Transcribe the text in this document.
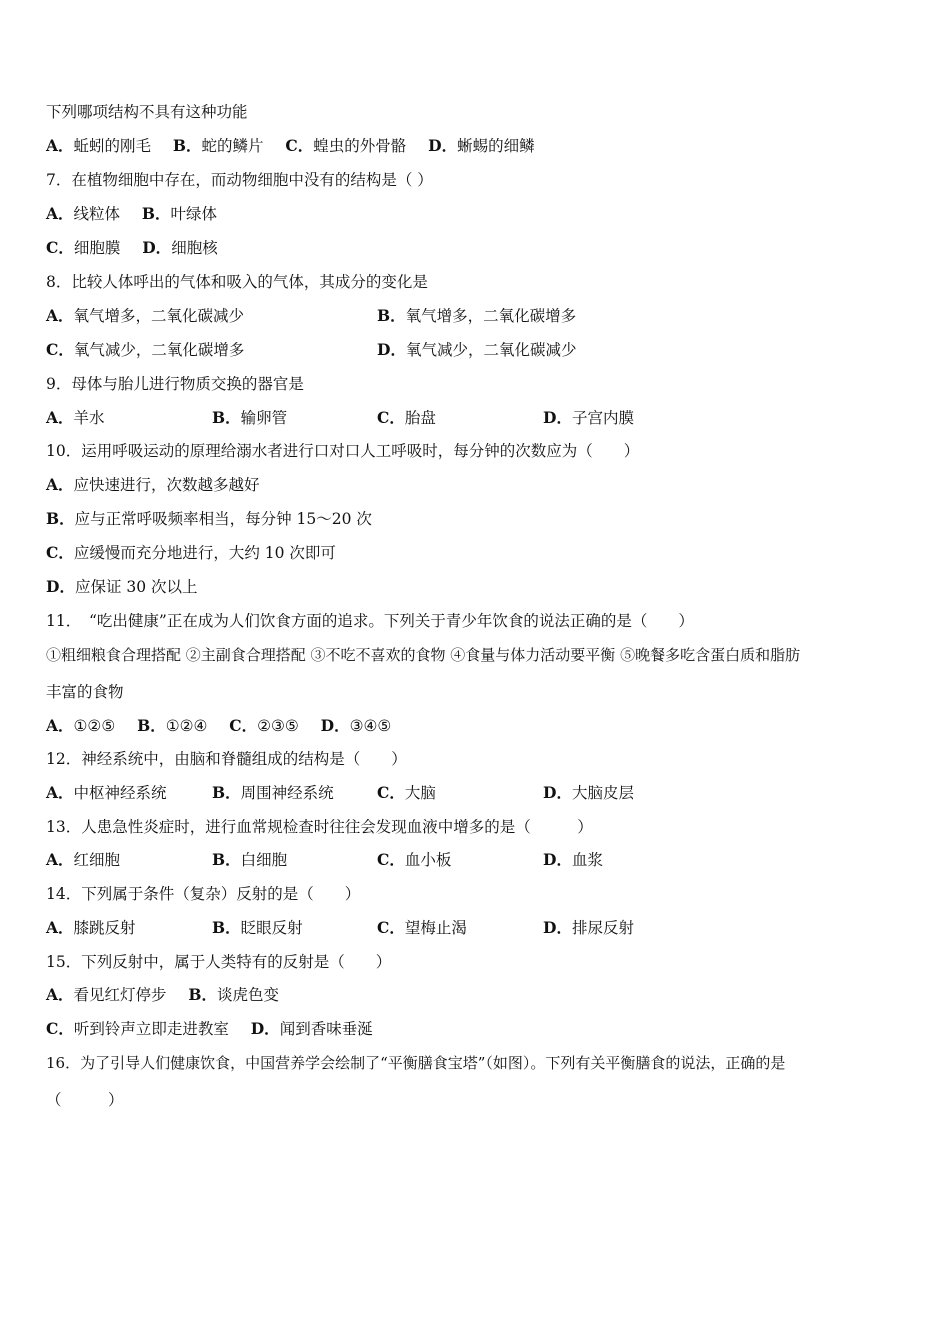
下列哪项结构不具有这种功能
A．蚯蚓的刚毛 B．蛇的鳞片 C．蝗虫的外骨骼 D．蜥蜴的细鳞
7．在植物细胞中存在，而动物细胞中没有的结构是（ ）
A．线粒体 B．叶绿体
C．细胞膜 D．细胞核
8．比较人体呼出的气体和吸入的气体，其成分的变化是
A．氧气增多，二氧化碳减少	B．氧气增多，二氧化碳增多
C．氧气减少，二氧化碳增多	D．氧气减少，二氧化碳减少
9．母体与胎儿进行物质交换的器官是
A．羊水	B．输卵管	C．胎盘	D．子宫内膜
10．运用呼吸运动的原理给溺水者进行口对口人工呼吸时，每分钟的次数应为（　　）
A．应快速进行，次数越多越好
B．应与正常呼吸频率相当，每分钟 15～20 次
C．应缓慢而充分地进行，大约 10 次即可
D．应保证 30 次以上
11．　“吃出健康”正在成为人们饮食方面的追求。下列关于青少年饮食的说法正确的是（　　）
①粗细粮食合理搭配 ②主副食合理搭配 ③不吃不喜欢的食物 ④食量与体力活动要平衡 ⑤晚餐多吃含蛋白质和脂肪
丰富的食物
A．①②⑤ B．①②④ C．②③⑤ D．③④⑤
12．神经系统中，由脑和脊髓组成的结构是（　　）
A．中枢神经系统	B．周围神经系统	C．大脑	D．大脑皮层
13．人患急性炎症时，进行血常规检查时往往会发现血液中增多的是（　　　）
A．红细胞	B．白细胞	C．血小板	D．血浆
14．下列属于条件（复杂）反射的是（　　）
A．膝跳反射	B．眨眼反射	C．望梅止渴	D．排尿反射
15．下列反射中，属于人类特有的反射是（　　）
A．看见红灯停步 B．谈虎色变
C．听到铃声立即走进教室 D．闻到香味垂涎
16．为了引导人们健康饮食，中国营养学会绘制了“平衡膳食宝塔”（如图）。下列有关平衡膳食的说法，正确的是
（　　　）
